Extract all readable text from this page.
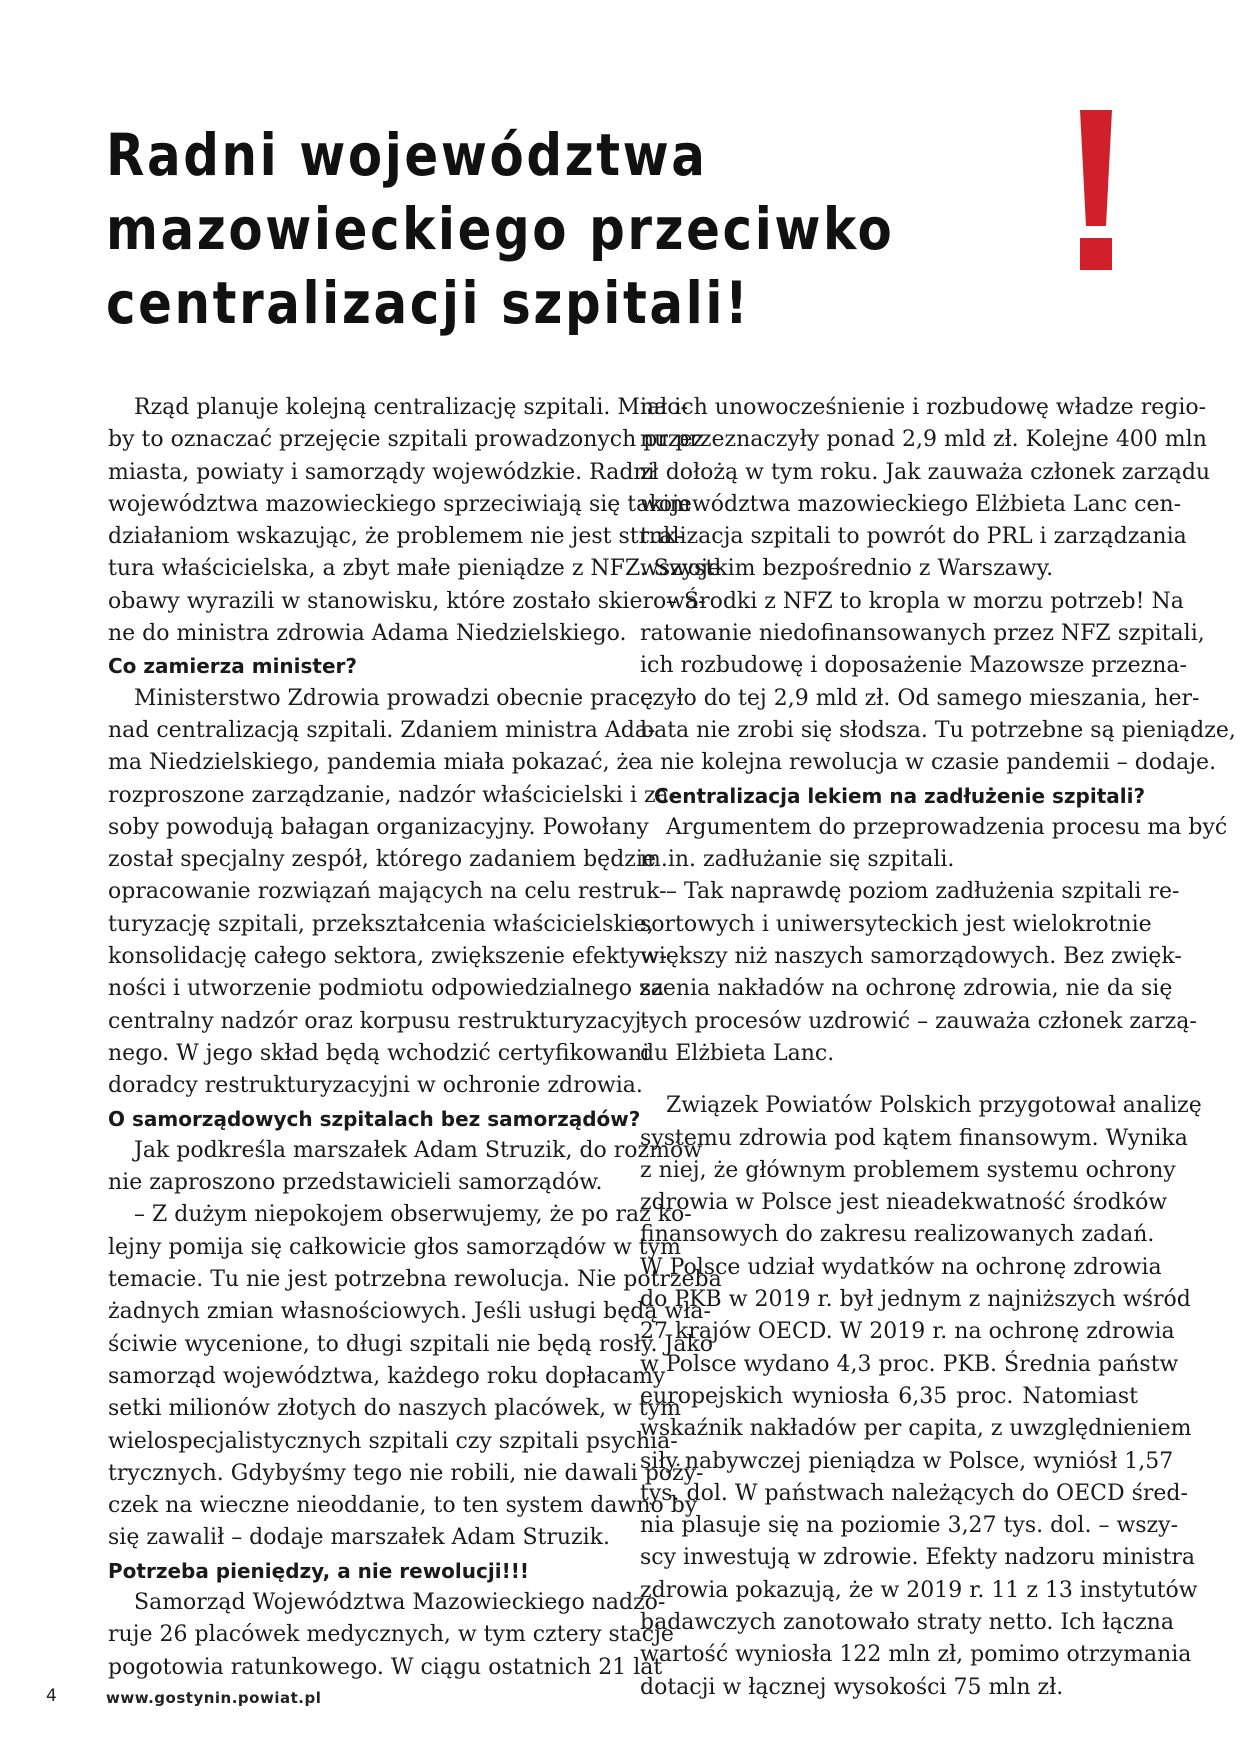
Radni województwa
mazowieckiego przeciwko
centralizacji szpitali!

Rząd planuje kolejną centralizację szpitali. Miało-
by to oznaczać przejęcie szpitali prowadzonych przez
miasta, powiaty i samorządy wojewódzkie. Radni
województwa mazowieckiego sprzeciwiają się takim
działaniom wskazując, że problemem nie jest struk-
tura właścicielska, a zbyt małe pieniądze z NFZ. Swoje
obawy wyrazili w stanowisku, które zostało skierowa-
ne do ministra zdrowia Adama Niedzielskiego.

Co zamierza minister?

Ministerstwo Zdrowia prowadzi obecnie pracę
nad centralizacją szpitali. Zdaniem ministra Ada-
ma Niedzielskiego, pandemia miała pokazać, że
rozproszone zarządzanie, nadzór właścicielski i za-
soby powodują bałagan organizacyjny. Powołany
został specjalny zespół, którego zadaniem będzie
opracowanie rozwiązań mających na celu restruk-
turyzację szpitali, przekształcenia właścicielskie,
konsolidację całego sektora, zwiększenie efektyw-
ności i utworzenie podmiotu odpowiedzialnego za
centralny nadzór oraz korpusu restrukturyzacyj-
nego. W jego skład będą wchodzić certyfikowani
doradcy restrukturyzacyjni w ochronie zdrowia.

O samorządowych szpitalach bez samorządów?

Jak podkreśla marszałek Adam Struzik, do rozmów
nie zaproszono przedstawicieli samorządów.

– Z dużym niepokojem obserwujemy, że po raz ko-
lejny pomija się całkowicie głos samorządów w tym
temacie. Tu nie jest potrzebna rewolucja. Nie potrzeba
żadnych zmian własnościowych. Jeśli usługi będą wła-
ściwie wycenione, to długi szpitali nie będą rosły. Jako
samorząd województwa, każdego roku dopłacamy
setki milionów złotych do naszych placówek, w tym
wielospecjalistycznych szpitali czy szpitali psychia-
trycznych. Gdybyśmy tego nie robili, nie dawali poży-
czek na wieczne nieoddanie, to ten system dawno by
się zawalił – dodaje marszałek Adam Struzik.

Potrzeba pieniędzy, a nie rewolucji!!!

Samorząd Województwa Mazowieckiego nadzo-
ruje 26 placówek medycznych, w tym cztery stacje
pogotowia ratunkowego. W ciągu ostatnich 21 lat

na ich unowocześnienie i rozbudowę władze regio-
nu przeznaczyły ponad 2,9 mld zł. Kolejne 400 mln
zł dołożą w tym roku. Jak zauważa członek zarządu
województwa mazowieckiego Elżbieta Lanc cen-
tralizacja szpitali to powrót do PRL i zarządzania
wszystkim bezpośrednio z Warszawy.

– Środki z NFZ to kropla w morzu potrzeb! Na
ratowanie niedofinansowanych przez NFZ szpitali,
ich rozbudowę i doposażenie Mazowsze przezna-
czyło do tej 2,9 mld zł. Od samego mieszania, her-
bata nie zrobi się słodsza. Tu potrzebne są pieniądze,
a nie kolejna rewolucja w czasie pandemii – dodaje.

Centralizacja lekiem na zadłużenie szpitali?

Argumentem do przeprowadzenia procesu ma być
m.in. zadłużanie się szpitali.

– Tak naprawdę poziom zadłużenia szpitali re-
sortowych i uniwersyteckich jest wielokrotnie
większy niż naszych samorządowych. Bez zwięk-
szenia nakładów na ochronę zdrowia, nie da się
tych procesów uzdrowić – zauważa członek zarzą-
du Elżbieta Lanc.

Związek Powiatów Polskich przygotował analizę
systemu zdrowia pod kątem finansowym. Wynika
z niej, że głównym problemem systemu ochrony
zdrowia w Polsce jest nieadekwatność środków
finansowych do zakresu realizowanych zadań.
W Polsce udział wydatków na ochronę zdrowia
do PKB w 2019 r. był jednym z najniższych wśród
27 krajów OECD. W 2019 r. na ochronę zdrowia
w Polsce wydano 4,3 proc. PKB. Średnia państw
europejskich wyniosła 6,35 proc. Natomiast
wskaźnik nakładów per capita, z uwzględnieniem
siły nabywczej pieniądza w Polsce, wyniósł 1,57
tys. dol. W państwach należących do OECD śred-
nia plasuje się na poziomie 3,27 tys. dol. – wszy-
scy inwestują w zdrowie. Efekty nadzoru ministra
zdrowia pokazują, że w 2019 r. 11 z 13 instytutów
badawczych zanotowało straty netto. Ich łączna
wartość wyniosła 122 mln zł, pomimo otrzymania
dotacji w łącznej wysokości 75 mln zł.

4	www.gostynin.powiat.pl
